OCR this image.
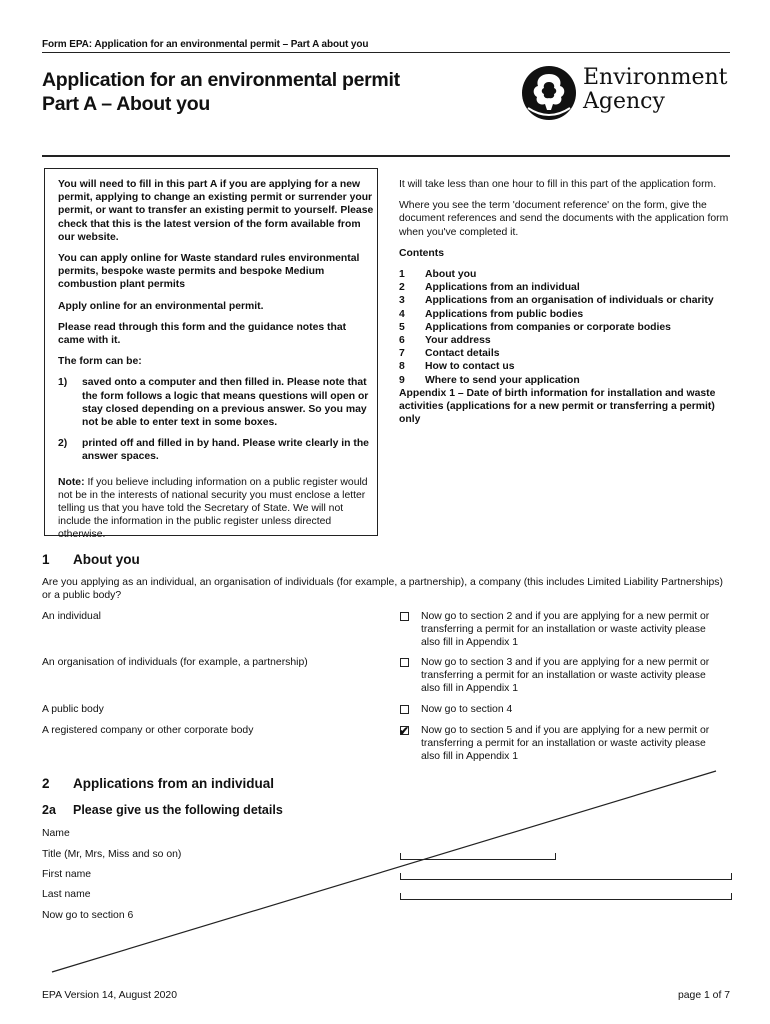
Form EPA: Application for an environmental permit – Part A about you
Application for an environmental permit
Part A – About you
Environment
Agency

You will need to fill in this part A if you are applying for a new permit, applying to change an existing permit or surrender your permit, or want to transfer an existing permit to yourself. Please check that this is the latest version of the form available from our website.

You can apply online for Waste standard rules environmental permits, bespoke waste permits and bespoke Medium combustion plant permits

Apply online for an environmental permit.

Please read through this form and the guidance notes that came with it.

The form can be:

1)	saved onto a computer and then filled in. Please note that the form follows a logic that means questions will open or stay closed depending on a previous answer. So you may not be able to enter text in some boxes.
2)	printed off and filled in by hand. Please write clearly in the answer spaces.

Note: If you believe including information on a public register would not be in the interests of national security you must enclose a letter telling us that you have told the Secretary of State. We will not include the information in the public register unless directed otherwise.

It will take less than one hour to fill in this part of the application form.

Where you see the term 'document reference' on the form, give the document references and send the documents with the application form when you've completed it.

Contents
1	About you
2	Applications from an individual
3	Applications from an organisation of individuals or charity
4	Applications from public bodies
5	Applications from companies or corporate bodies
6	Your address
7	Contact details
8	How to contact us
9	Where to send your application
Appendix 1 – Date of birth information for installation and waste activities (applications for a new permit or transferring a permit) only
1 About you
Are you applying as an individual, an organisation of individuals (for example, a partnership), a company (this includes Limited Liability Partnerships) or a public body?
An individual	Now go to section 2 and if you are applying for a new permit or transferring a permit for an installation or waste activity please also fill in Appendix 1
An organisation of individuals (for example, a partnership)	Now go to section 3 and if you are applying for a new permit or transferring a permit for an installation or waste activity please also fill in Appendix 1
A public body	Now go to section 4
A registered company or other corporate body	✔ Now go to section 5 and if you are applying for a new permit or transferring a permit for an installation or waste activity please also fill in Appendix 1
2 Applications from an individual
2a Please give us the following details
Name
Title (Mr, Mrs, Miss and so on)
First name
Last name
Now go to section 6
EPA Version 14, August 2020	page 1 of 7
